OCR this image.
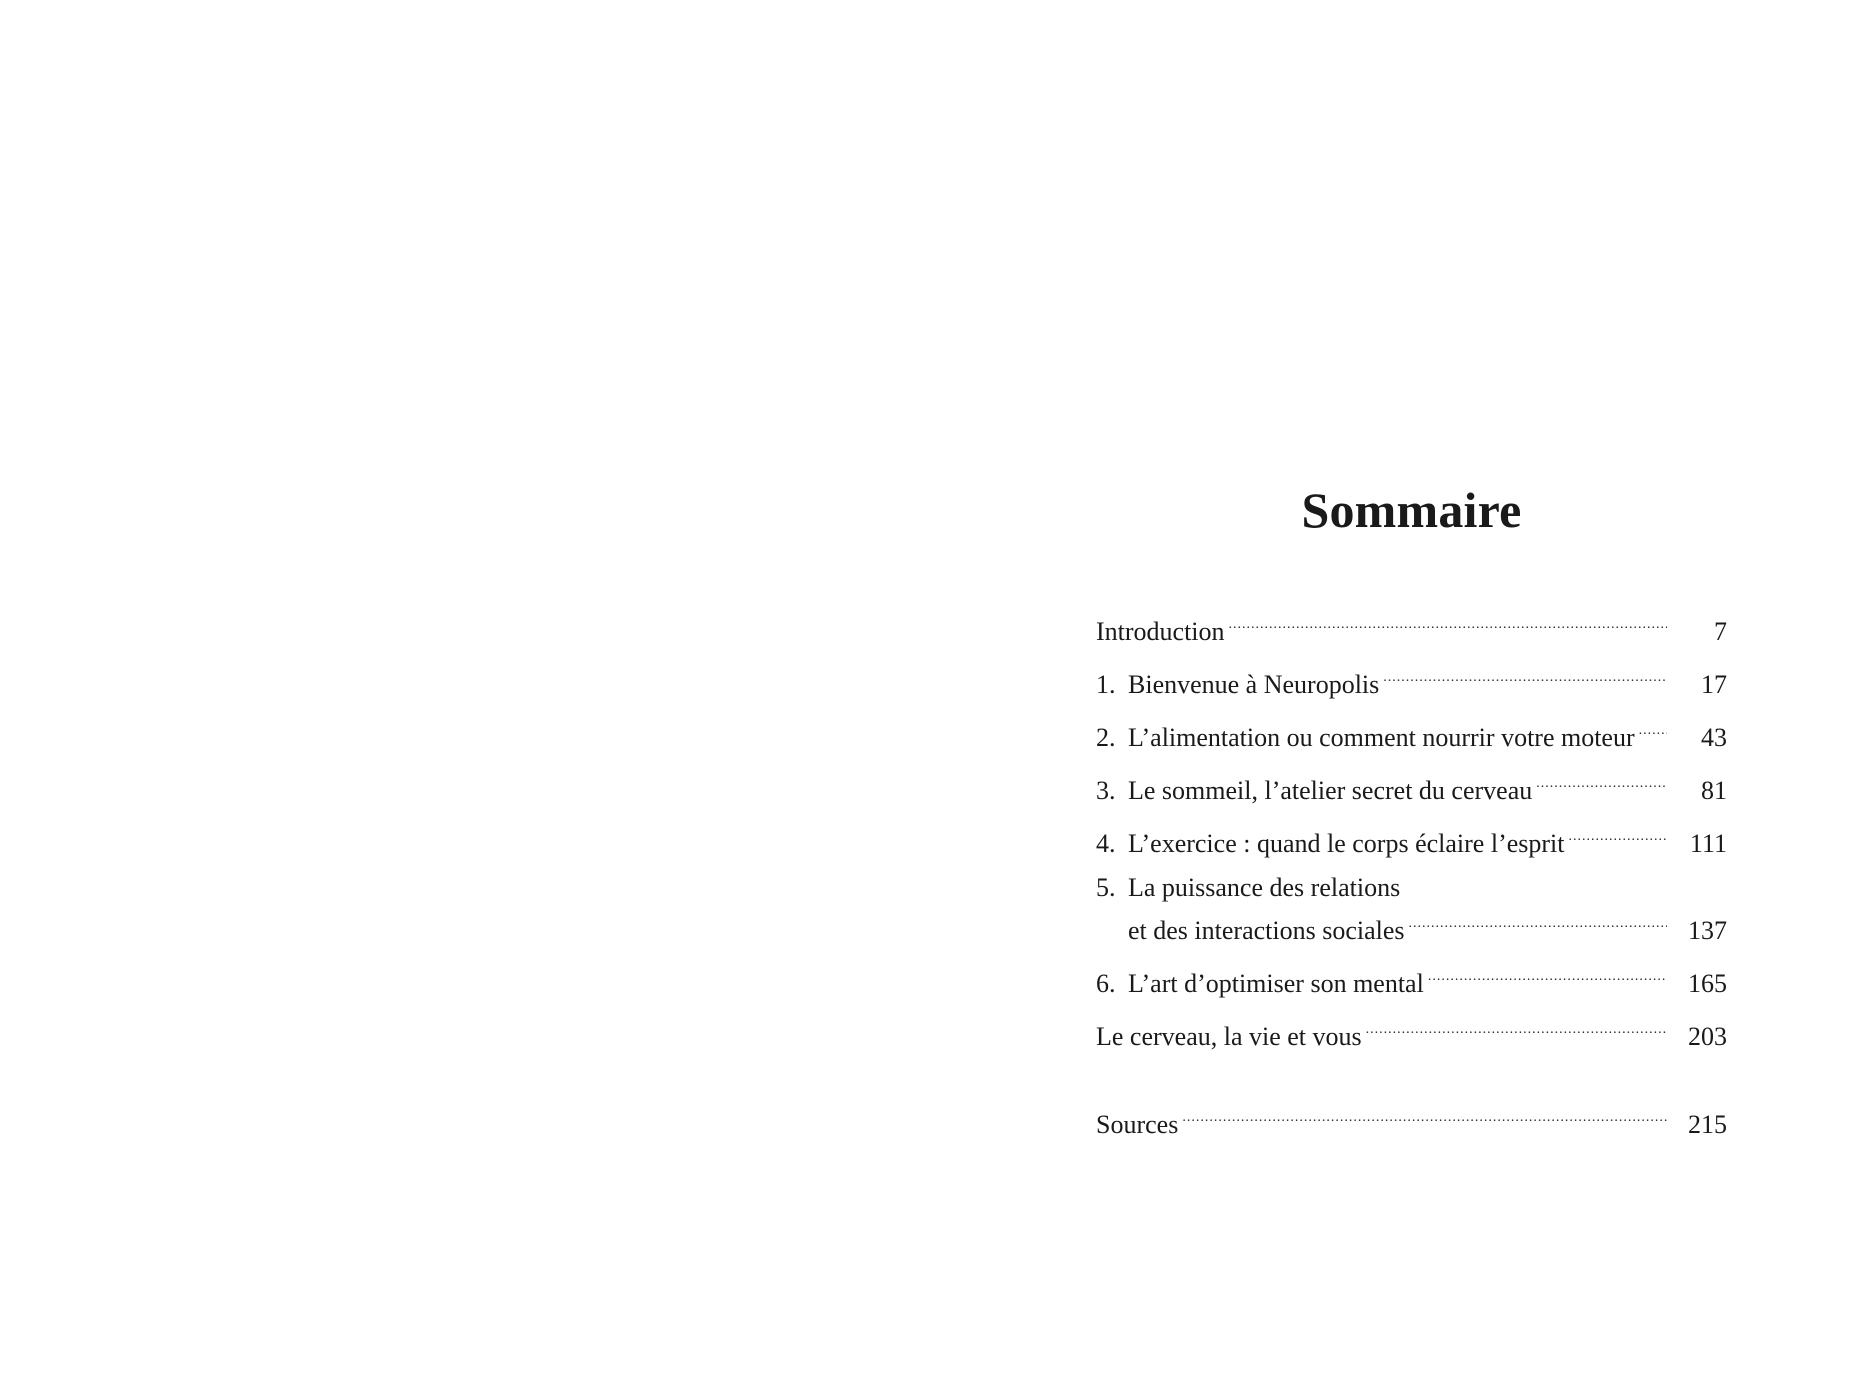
Sommaire
Introduction .....	7
1. Bienvenue à Neuropolis .....	17
2. L’alimentation ou comment nourrir votre moteur .....	43
3. Le sommeil, l’atelier secret du cerveau .....	81
4. L’exercice : quand le corps éclaire l’esprit .....	111
5. La puissance des relations
et des interactions sociales .....	137
6. L’art d’optimiser son mental .....	165
Le cerveau, la vie et vous .....	203
Sources .....	215
